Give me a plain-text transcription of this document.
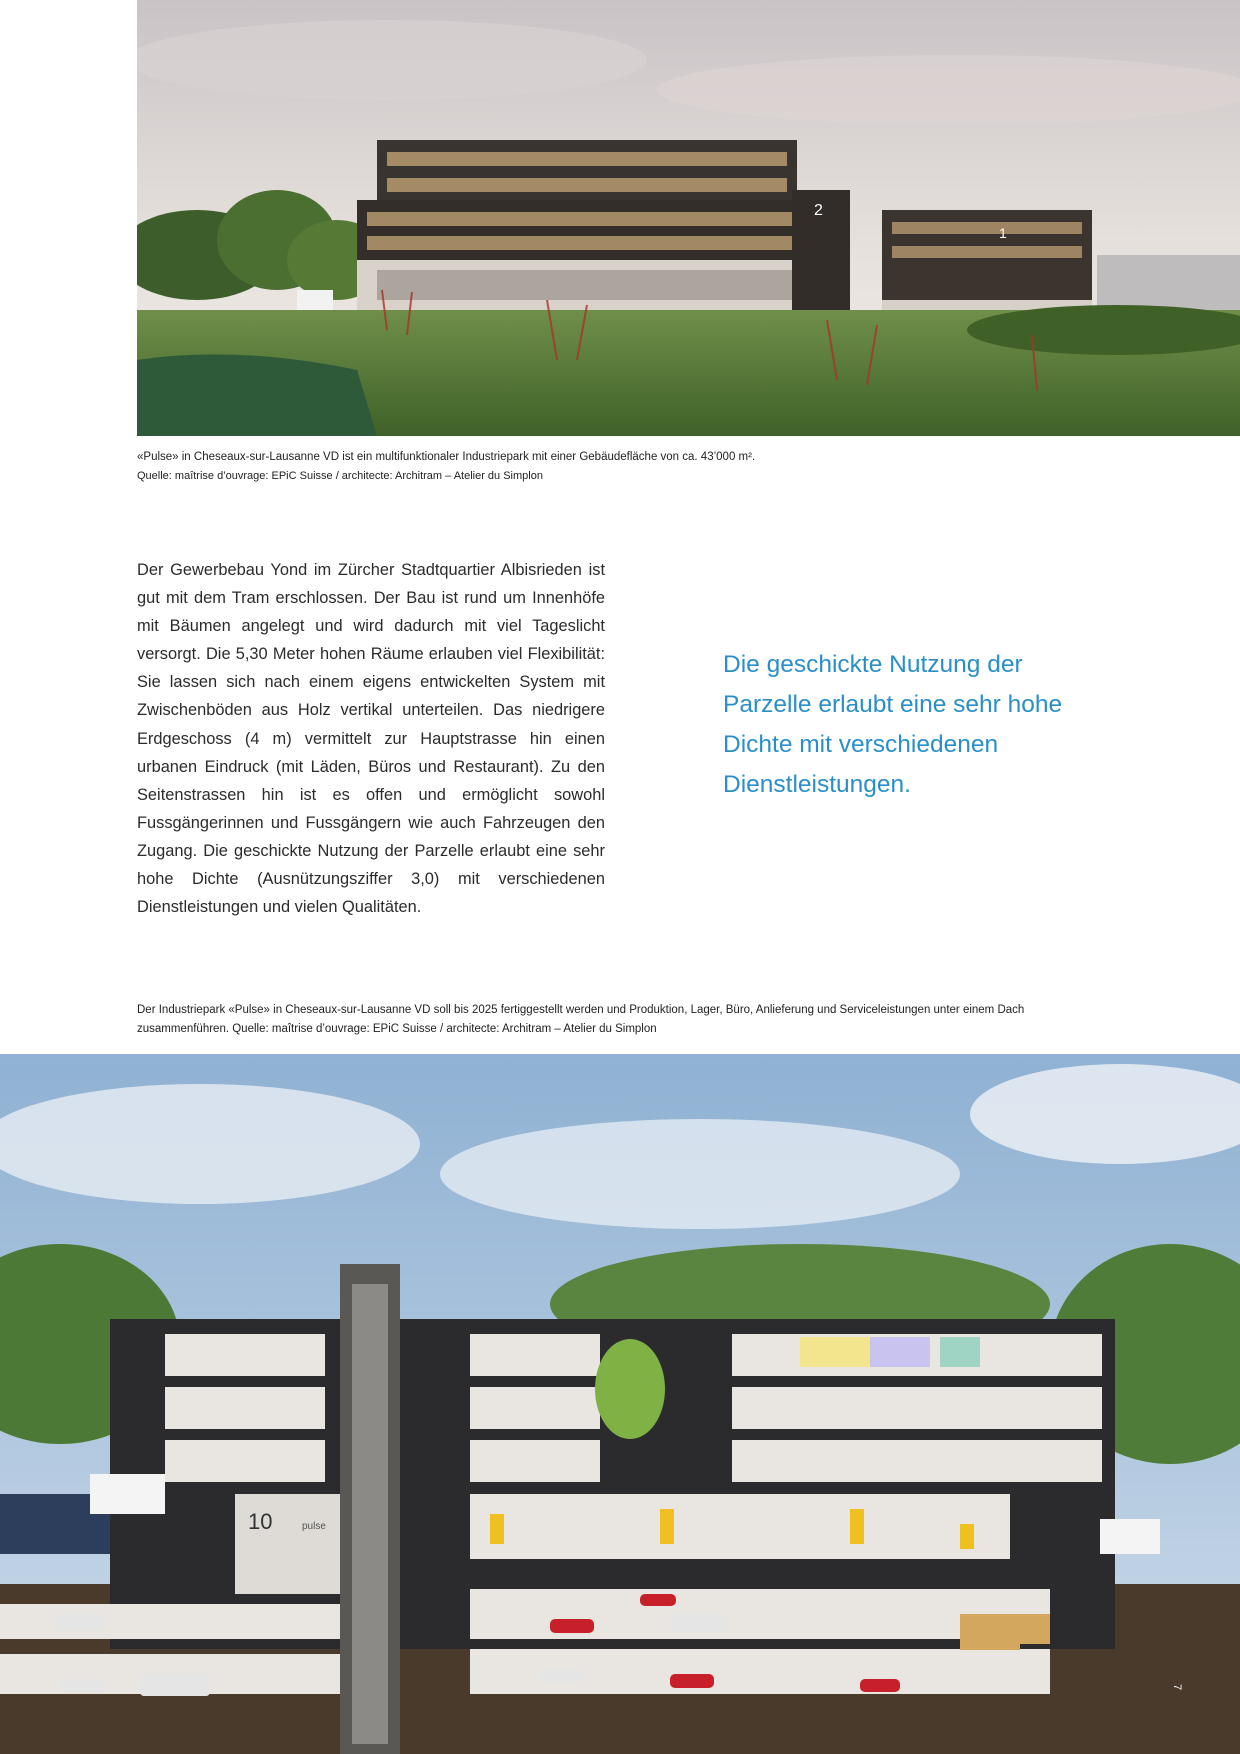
2
1

«Pulse» in Cheseaux-sur-Lausanne VD ist ein multifunktionaler Industriepark mit einer Gebäudefläche von ca. 43’000 m².
Quelle: maîtrise d’ouvrage: EPiC Suisse / architecte: Architram – Atelier du Simplon

Der Gewerbebau Yond im Zürcher Stadtquartier Albisrieden ist gut mit dem Tram erschlossen. Der Bau ist rund um Innenhöfe mit Bäumen angelegt und wird dadurch mit viel Tageslicht versorgt. Die 5,30 Meter hohen Räume erlauben viel Flexibilität: Sie lassen sich nach einem eigens entwickelten System mit Zwischenböden aus Holz vertikal unterteilen. Das niedrigere Erdgeschoss (4 m) vermittelt zur Hauptstrasse hin einen urbanen Eindruck (mit Läden, Büros und Restaurant). Zu den Seitenstrassen hin ist es offen und ermöglicht sowohl Fussgängerinnen und Fussgängern wie auch Fahrzeugen den Zugang. Die geschickte Nutzung der Parzelle erlaubt eine sehr hohe Dichte (Ausnützungsziffer 3,0) mit verschiedenen Dienstleistungen und vielen Qualitäten.

Die geschickte Nutzung der Parzelle erlaubt eine sehr hohe Dichte mit verschiedenen Dienstleistungen.

Der Industriepark «Pulse» in Cheseaux-sur-Lausanne VD soll bis 2025 fertiggestellt werden und Produktion, Lager, Büro, Anlieferung und Serviceleistungen unter einem Dach zusammenführen. Quelle: maîtrise d’ouvrage: EPiC Suisse / architecte: Architram – Atelier du Simplon

10	pulse
7
